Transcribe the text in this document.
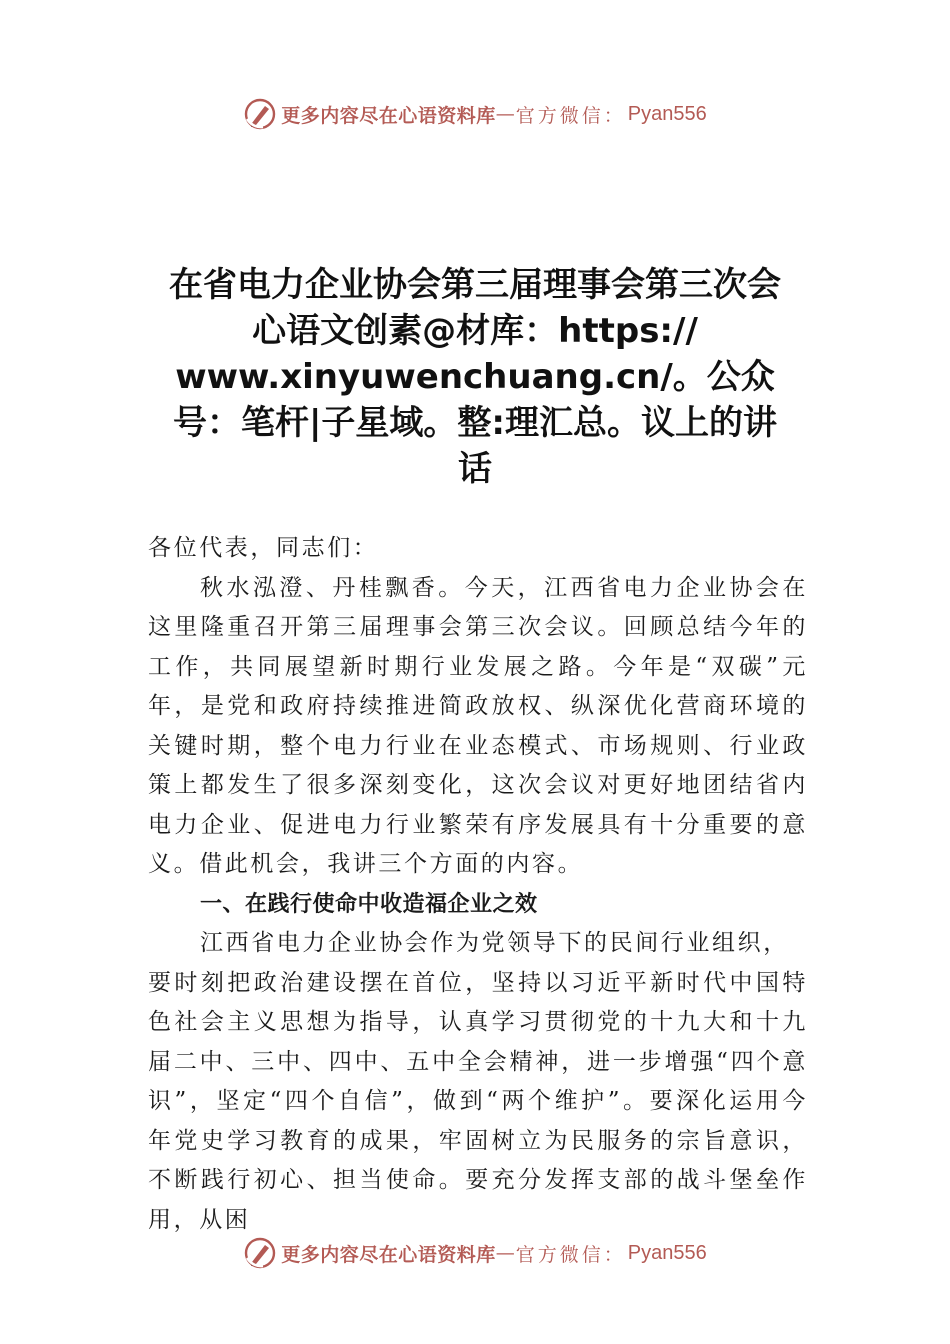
更多内容尽在心语资料库 — 官方微信： Pyan556
在省电力企业协会第三届理事会第三次会
心语文创素@材库：https://
www.xinyuwenchuang.cn/。公众
号：笔杆|子星域。整:理汇总。议上的讲
话

各位代表，同志们：

秋水泓澄、丹桂飘香。今天，江西省电力企业协会在这里隆重召开第三届理事会第三次会议。回顾总结今年的工作，共同展望新时期行业发展之路。今年是“双碳”元年，是党和政府持续推进简政放权、纵深优化营商环境的关键时期，整个电力行业在业态模式、市场规则、行业政策上都发生了很多深刻变化，这次会议对更好地团结省内电力企业、促进电力行业繁荣有序发展具有十分重要的意义。借此机会，我讲三个方面的内容。

一、在践行使命中收造福企业之效

江西省电力企业协会作为党领导下的民间行业组织，

要时刻把政治建设摆在首位，坚持以习近平新时代中国特色社会主义思想为指导，认真学习贯彻党的十九大和十九届二中、三中、四中、五中全会精神，进一步增强“四个意识”，坚定“四个自信”，做到“两个维护”。要深化运用今年党史学习教育的成果，牢固树立为民服务的宗旨意识，不断践行初心、担当使命。要充分发挥支部的战斗堡垒作用，从困

更多内容尽在心语资料库 — 官方微信： Pyan556
